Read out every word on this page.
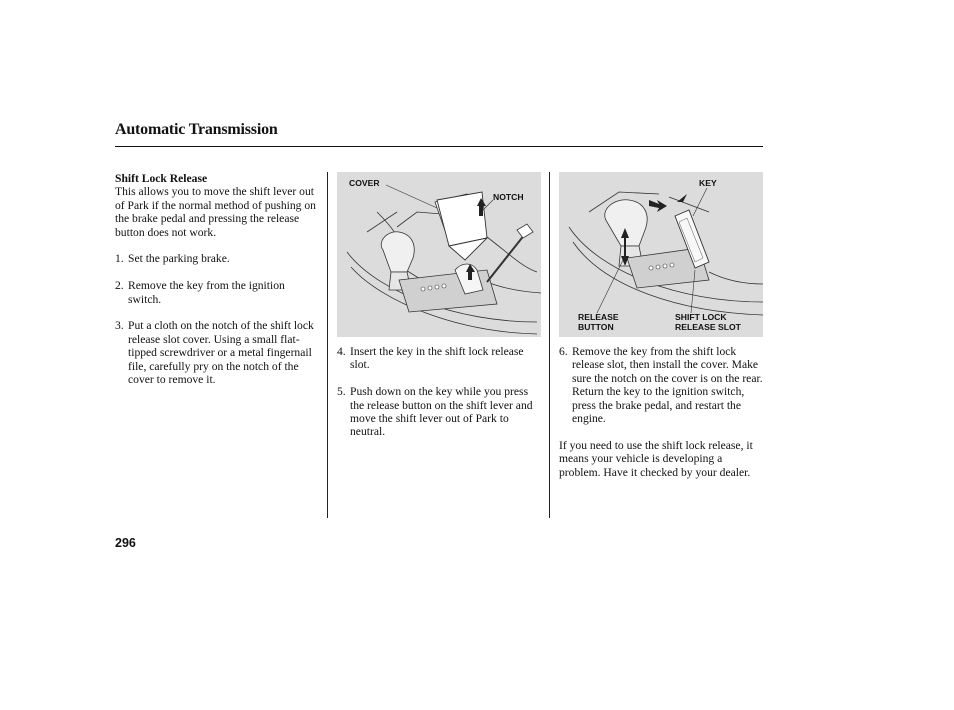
Automatic Transmission

Shift Lock Release

This allows you to move the shift lever out of Park if the normal method of pushing on the brake pedal and pressing the release button does not work.

1. Set the parking brake.
2. Remove the key from the ignition switch.
3. Put a cloth on the notch of the shift lock release slot cover. Using a small flat-tipped screwdriver or a metal fingernail file, carefully pry on the notch of the cover to remove it.
COVER
NOTCH
KEY
RELEASE
BUTTON
SHIFT LOCK
RELEASE SLOT
4. Insert the key in the shift lock release slot.
5. Push down on the key while you press the release button on the shift lever and move the shift lever out of Park to neutral.
6. Remove the key from the shift lock release slot, then install the cover. Make sure the notch on the cover is on the rear. Return the key to the ignition switch, press the brake pedal, and restart the engine.

If you need to use the shift lock release, it means your vehicle is developing a problem. Have it checked by your dealer.

296
